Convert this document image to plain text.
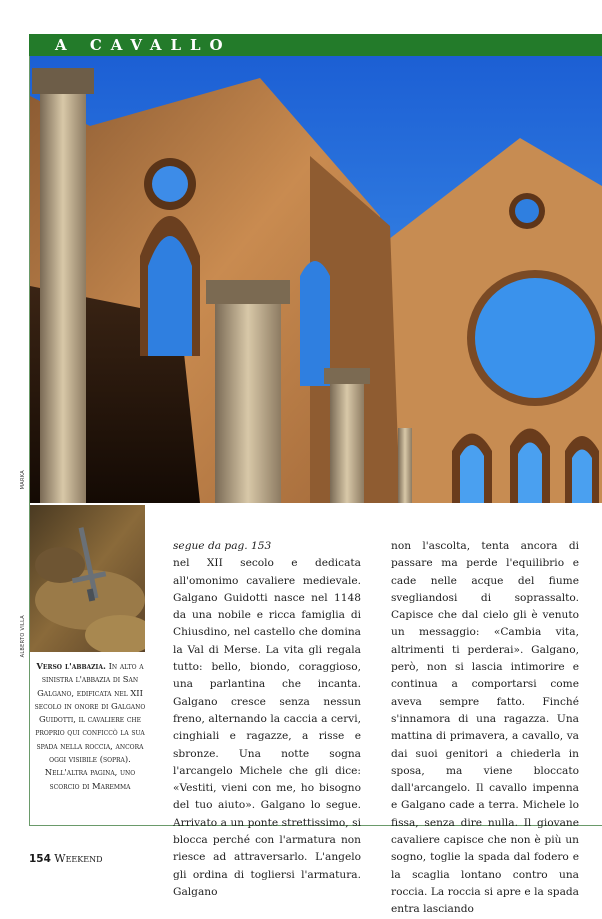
A CAVALLO
MARKA
ALBERTO VILLA
Verso l'abbazia. In alto a sinistra l'abbazia di San Galgano, edificata nel XII secolo in onore di Galgano Guidotti, il cavaliere che proprio qui conficcò la sua spada nella roccia, ancora oggi visibile (sopra). Nell'altra pagina, uno scorcio di Maremma

segue da pag. 153

nel XII secolo e dedicata all'omonimo cavaliere medievale. Galgano Guidotti nasce nel 1148 da una nobile e ricca famiglia di Chiusdino, nel castello che domina la Val di Merse. La vita gli regala tutto: bello, biondo, coraggioso, una parlantina che incanta. Galgano cresce senza nessun freno, alternando la caccia a cervi, cinghiali e ragazze, a risse e sbronze. Una notte sogna l'arcangelo Michele che gli dice: «Vestiti, vieni con me, ho bisogno del tuo aiuto». Galgano lo segue. Arrivato a un ponte strettissimo, si blocca perché con l'armatura non riesce ad attraversarlo. L'angelo gli ordina di togliersi l'armatura. Galgano

non l'ascolta, tenta ancora di passare ma perde l'equilibrio e cade nelle acque del fiume svegliandosi di soprassalto. Capisce che dal cielo gli è venuto un messaggio: «Cambia vita, altrimenti ti perderai». Galgano, però, non si lascia intimorire e continua a comportarsi come aveva sempre fatto. Finché s'innamora di una ragazza. Una mattina di primavera, a cavallo, va dai suoi genitori a chiederla in sposa, ma viene bloccato dall'arcangelo. Il cavallo impenna e Galgano cade a terra. Michele lo fissa, senza dire nulla. Il giovane cavaliere capisce che non è più un sogno, toglie la spada dal fodero e la scaglia lontano contro una roccia. La roccia si apre e la spada entra lasciando

154 Weekend
